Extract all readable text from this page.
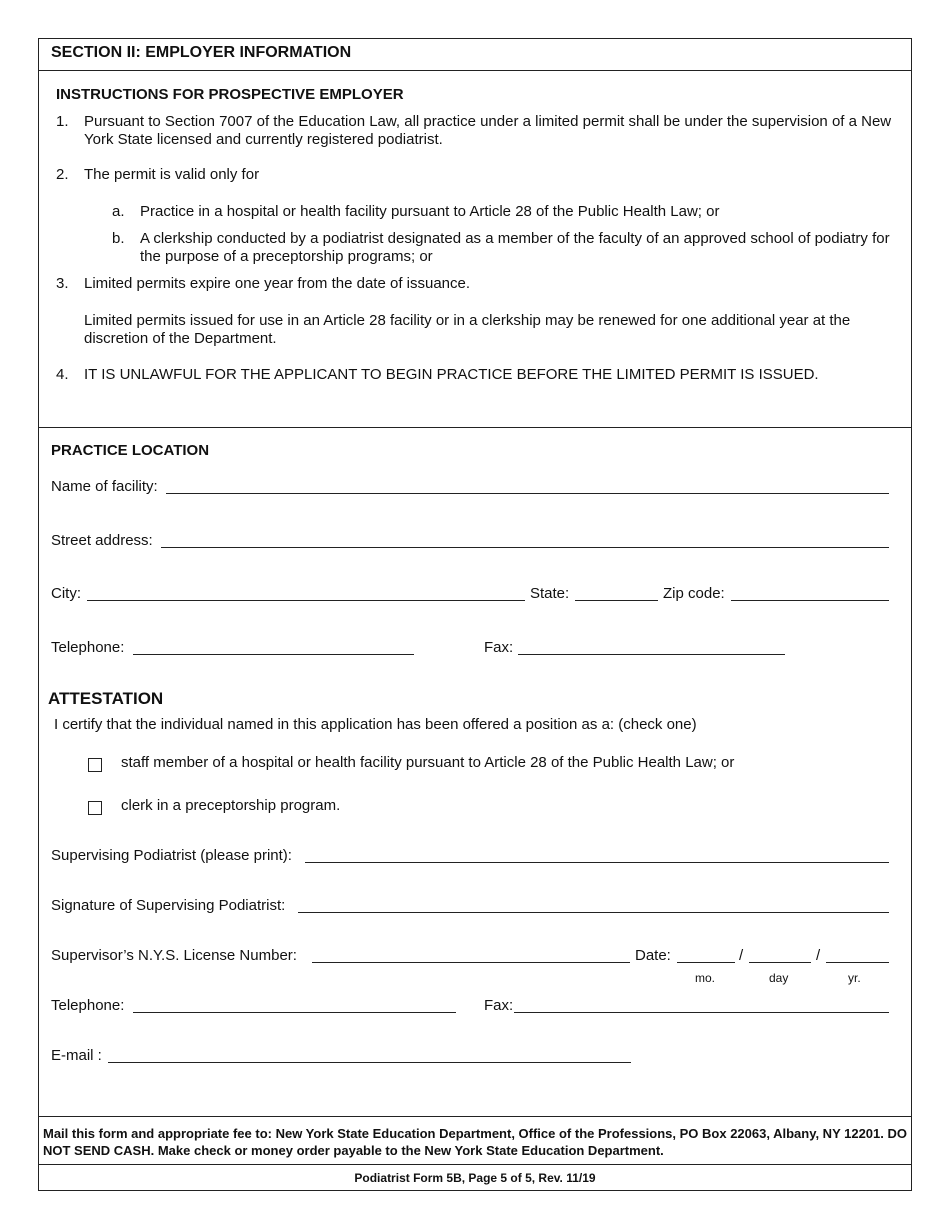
SECTION II: EMPLOYER INFORMATION
INSTRUCTIONS FOR PROSPECTIVE EMPLOYER
1. Pursuant to Section 7007 of the Education Law, all practice under a limited permit shall be under the supervision of a New York State licensed and currently registered podiatrist.
2. The permit is valid only for
a. Practice in a hospital or health facility pursuant to Article 28 of the Public Health Law; or
b. A clerkship conducted by a podiatrist designated as a member of the faculty of an approved school of podiatry for the purpose of a preceptorship programs; or
3. Limited permits expire one year from the date of issuance.
Limited permits issued for use in an Article 28 facility or in a clerkship may be renewed for one additional year at the discretion of the Department.
4. IT IS UNLAWFUL FOR THE APPLICANT TO BEGIN PRACTICE BEFORE THE LIMITED PERMIT IS ISSUED.
PRACTICE LOCATION
Name of facility:
Street address:
City:	State:	Zip code:
Telephone:	Fax:
ATTESTATION
I certify that the individual named in this application has been offered a position as a: (check one)
staff member of a hospital or health facility pursuant to Article 28 of the Public Health Law; or
clerk in a preceptorship program.
Supervising Podiatrist (please print):
Signature of Supervising Podiatrist:
Supervisor’s N.Y.S. License Number:	Date:	/	/
mo.	day	yr.
Telephone:	Fax:
E-mail :
Mail this form and appropriate fee to: New York State Education Department, Office of the Professions, PO Box 22063, Albany, NY 12201. DO NOT SEND CASH. Make check or money order payable to the New York State Education Department.
Podiatrist Form 5B, Page 5 of 5, Rev. 11/19
